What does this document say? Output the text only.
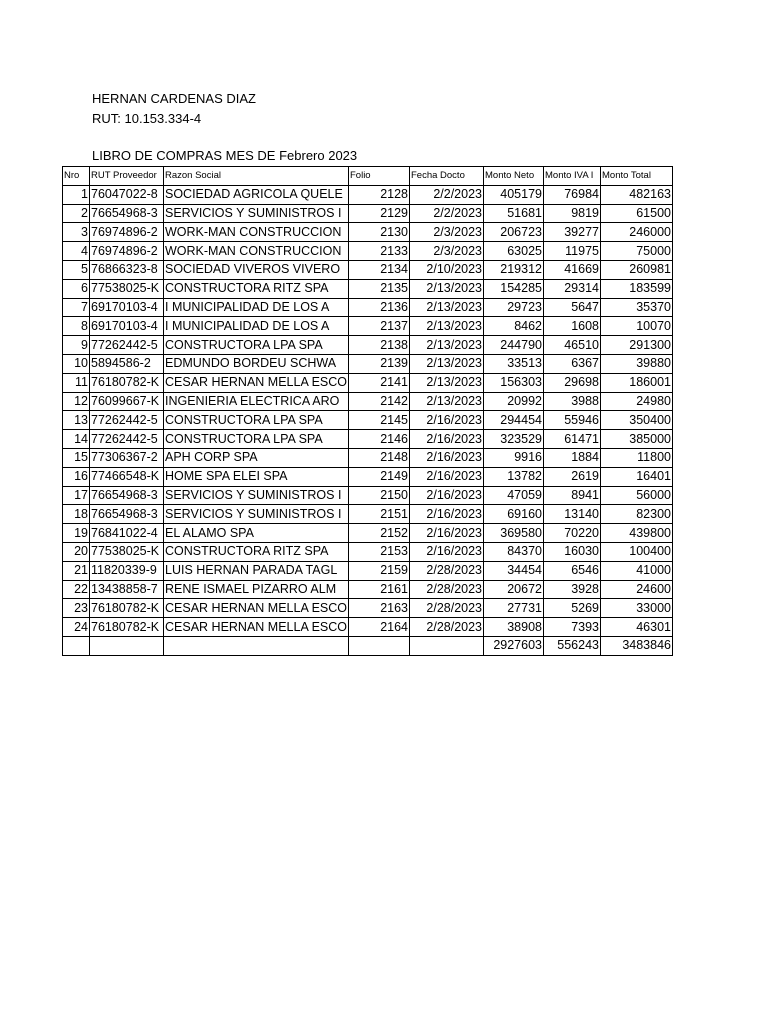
HERNAN CARDENAS DIAZ
RUT: 10.153.334-4
LIBRO DE COMPRAS MES DE Febrero 2023
Nro	RUT Proveedor	Razon Social	Folio	Fecha Docto	Monto Neto	Monto IVA I	Monto Total
1	76047022-8	SOCIEDAD AGRICOLA QUELE	2128	2/2/2023	405179	76984	482163
2	76654968-3	SERVICIOS Y SUMINISTROS I	2129	2/2/2023	51681	9819	61500
3	76974896-2	WORK-MAN CONSTRUCCION	2130	2/3/2023	206723	39277	246000
4	76974896-2	WORK-MAN CONSTRUCCION	2133	2/3/2023	63025	11975	75000
5	76866323-8	SOCIEDAD VIVEROS VIVERO	2134	2/10/2023	219312	41669	260981
6	77538025-K	CONSTRUCTORA RITZ SPA	2135	2/13/2023	154285	29314	183599
7	69170103-4	I MUNICIPALIDAD DE LOS A	2136	2/13/2023	29723	5647	35370
8	69170103-4	I MUNICIPALIDAD DE LOS A	2137	2/13/2023	8462	1608	10070
9	77262442-5	CONSTRUCTORA LPA SPA	2138	2/13/2023	244790	46510	291300
10	5894586-2	EDMUNDO BORDEU SCHWA	2139	2/13/2023	33513	6367	39880
11	76180782-K	CESAR HERNAN MELLA ESCO	2141	2/13/2023	156303	29698	186001
12	76099667-K	INGENIERIA ELECTRICA ARO	2142	2/13/2023	20992	3988	24980
13	77262442-5	CONSTRUCTORA LPA SPA	2145	2/16/2023	294454	55946	350400
14	77262442-5	CONSTRUCTORA LPA SPA	2146	2/16/2023	323529	61471	385000
15	77306367-2	APH CORP SPA	2148	2/16/2023	9916	1884	11800
16	77466548-K	HOME SPA ELEI SPA	2149	2/16/2023	13782	2619	16401
17	76654968-3	SERVICIOS Y SUMINISTROS I	2150	2/16/2023	47059	8941	56000
18	76654968-3	SERVICIOS Y SUMINISTROS I	2151	2/16/2023	69160	13140	82300
19	76841022-4	EL ALAMO SPA	2152	2/16/2023	369580	70220	439800
20	77538025-K	CONSTRUCTORA RITZ SPA	2153	2/16/2023	84370	16030	100400
21	11820339-9	LUIS HERNAN PARADA TAGL	2159	2/28/2023	34454	6546	41000
22	13438858-7	RENE ISMAEL PIZARRO ALM	2161	2/28/2023	20672	3928	24600
23	76180782-K	CESAR HERNAN MELLA ESCO	2163	2/28/2023	27731	5269	33000
24	76180782-K	CESAR HERNAN MELLA ESCO	2164	2/28/2023	38908	7393	46301
					2927603	556243	3483846
